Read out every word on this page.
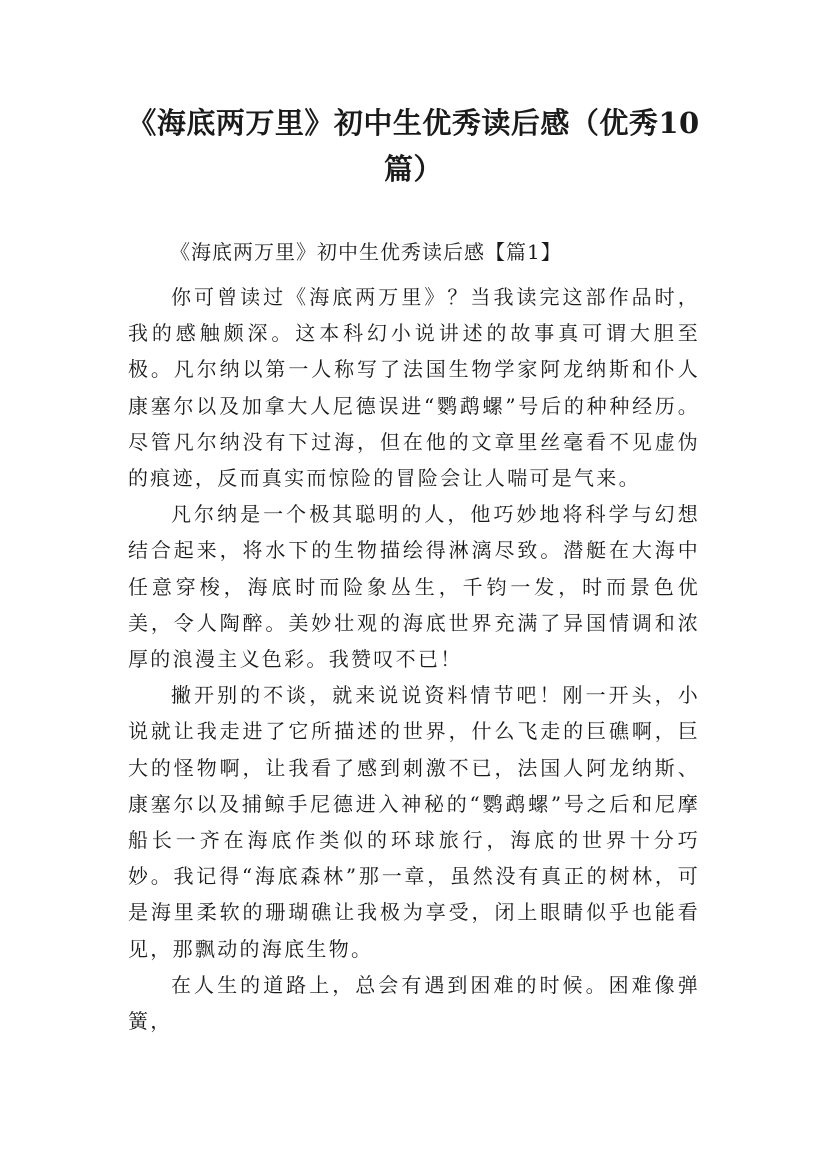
《海底两万里》初中生优秀读后感（优秀10篇）
《海底两万里》初中生优秀读后感【篇1】

你可曾读过《海底两万里》？当我读完这部作品时，我的感触颇深。这本科幻小说讲述的故事真可谓大胆至极。凡尔纳以第一人称写了法国生物学家阿龙纳斯和仆人康塞尔以及加拿大人尼德误进“鹦鹉螺”号后的种种经历。尽管凡尔纳没有下过海，但在他的文章里丝毫看不见虚伪的痕迹，反而真实而惊险的冒险会让人喘可是气来。

凡尔纳是一个极其聪明的人，他巧妙地将科学与幻想结合起来，将水下的生物描绘得淋漓尽致。潜艇在大海中任意穿梭，海底时而险象丛生，千钧一发，时而景色优美，令人陶醉。美妙壮观的海底世界充满了异国情调和浓厚的浪漫主义色彩。我赞叹不已！

撇开别的不谈，就来说说资料情节吧！刚一开头，小说就让我走进了它所描述的世界，什么飞走的巨礁啊，巨大的怪物啊，让我看了感到刺激不已，法国人阿龙纳斯、康塞尔以及捕鲸手尼德进入神秘的“鹦鹉螺”号之后和尼摩船长一齐在海底作类似的环球旅行，海底的世界十分巧妙。我记得“海底森林”那一章，虽然没有真正的树林，可是海里柔软的珊瑚礁让我极为享受，闭上眼睛似乎也能看见，那飘动的海底生物。

在人生的道路上，总会有遇到困难的时候。困难像弹簧，
